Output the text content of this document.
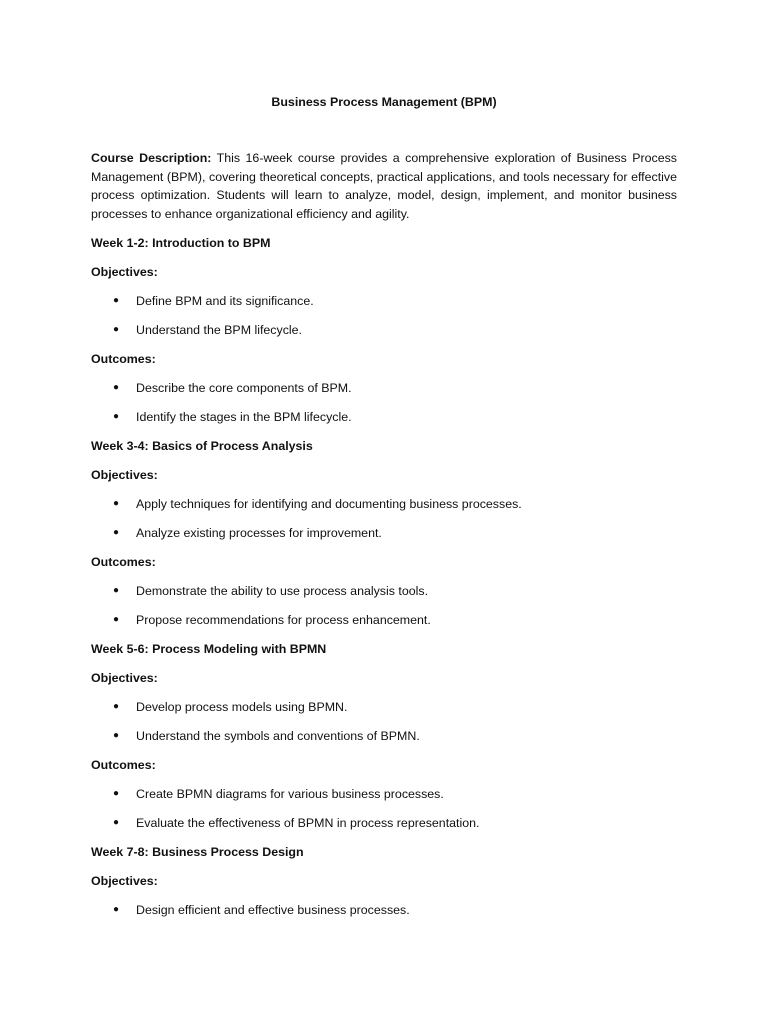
Business Process Management (BPM)

Course Description: This 16-week course provides a comprehensive exploration of Business Process Management (BPM), covering theoretical concepts, practical applications, and tools necessary for effective process optimization. Students will learn to analyze, model, design, implement, and monitor business processes to enhance organizational efficiency and agility.

Week 1-2: Introduction to BPM
Objectives:
● Define BPM and its significance.
● Understand the BPM lifecycle.
Outcomes:
● Describe the core components of BPM.
● Identify the stages in the BPM lifecycle.
Week 3-4: Basics of Process Analysis
Objectives:
● Apply techniques for identifying and documenting business processes.
● Analyze existing processes for improvement.
Outcomes:
● Demonstrate the ability to use process analysis tools.
● Propose recommendations for process enhancement.
Week 5-6: Process Modeling with BPMN
Objectives:
● Develop process models using BPMN.
● Understand the symbols and conventions of BPMN.
Outcomes:
● Create BPMN diagrams for various business processes.
● Evaluate the effectiveness of BPMN in process representation.
Week 7-8: Business Process Design
Objectives:
● Design efficient and effective business processes.
